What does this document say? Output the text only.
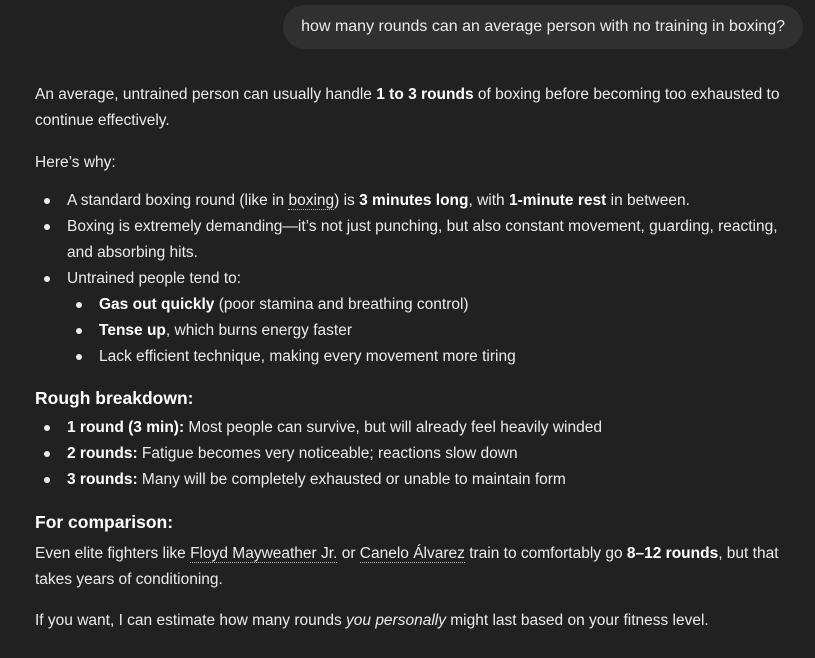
how many rounds can an average person with no training in boxing?

An average, untrained person can usually handle 1 to 3 rounds of boxing before becoming too exhausted to continue effectively.

Here’s why:

A standard boxing round (like in boxing) is 3 minutes long, with 1-minute rest in between.
Boxing is extremely demanding—it’s not just punching, but also constant movement, guarding, reacting, and absorbing hits.
Untrained people tend to:
Gas out quickly (poor stamina and breathing control)
Tense up, which burns energy faster
Lack efficient technique, making every movement more tiring
Rough breakdown:
1 round (3 min): Most people can survive, but will already feel heavily winded
2 rounds: Fatigue becomes very noticeable; reactions slow down
3 rounds: Many will be completely exhausted or unable to maintain form
For comparison:

Even elite fighters like Floyd Mayweather Jr. or Canelo Álvarez train to comfortably go 8–12 rounds, but that takes years of conditioning.

If you want, I can estimate how many rounds you personally might last based on your fitness level.
